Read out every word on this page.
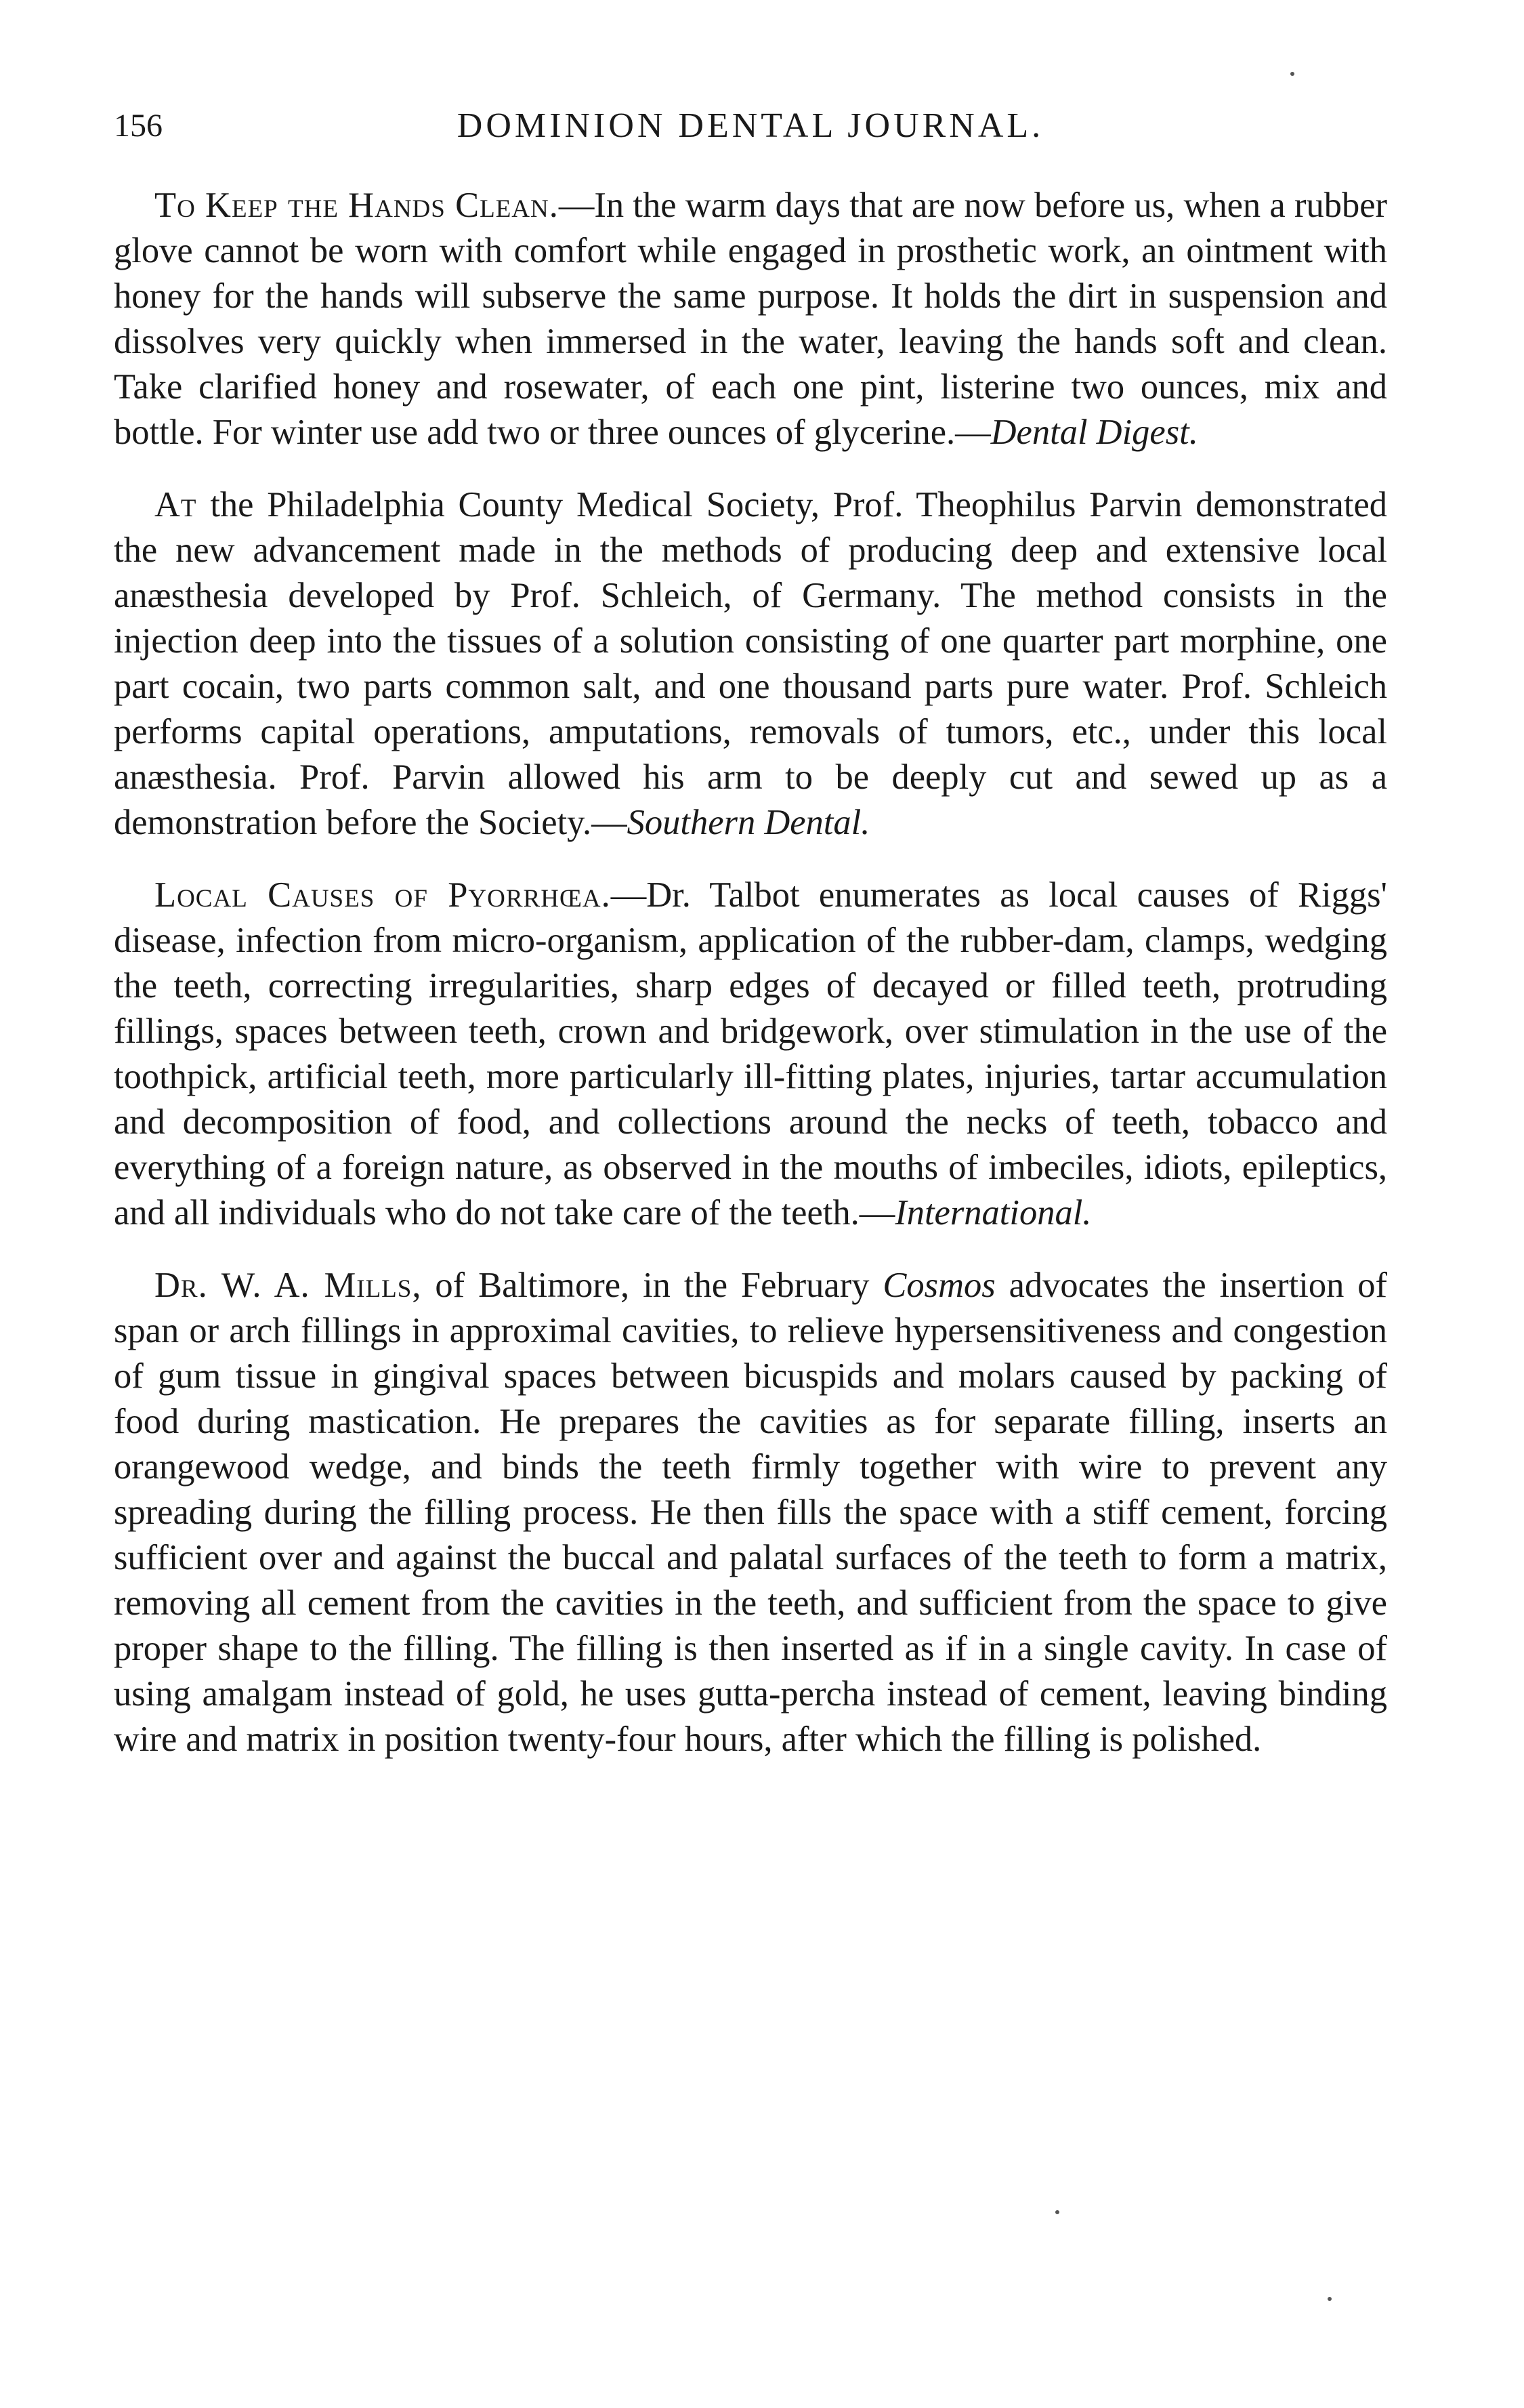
156	DOMINION DENTAL JOURNAL.

To Keep the Hands Clean.—In the warm days that are now before us, when a rubber glove cannot be worn with comfort while engaged in prosthetic work, an ointment with honey for the hands will subserve the same purpose. It holds the dirt in suspension and dissolves very quickly when immersed in the water, leaving the hands soft and clean. Take clarified honey and rosewater, of each one pint, listerine two ounces, mix and bottle. For winter use add two or three ounces of glycerine.—Dental Digest.

At the Philadelphia County Medical Society, Prof. Theophilus Parvin demonstrated the new advancement made in the methods of producing deep and extensive local anæsthesia developed by Prof. Schleich, of Germany. The method consists in the injection deep into the tissues of a solution consisting of one quarter part morphine, one part cocain, two parts common salt, and one thousand parts pure water. Prof. Schleich performs capital operations, amputations, removals of tumors, etc., under this local anæsthesia. Prof. Parvin allowed his arm to be deeply cut and sewed up as a demonstration before the Society.—Southern Dental.

Local Causes of Pyorrhœa.—Dr. Talbot enumerates as local causes of Riggs' disease, infection from micro-organism, application of the rubber-dam, clamps, wedging the teeth, correcting irregularities, sharp edges of decayed or filled teeth, protruding fillings, spaces between teeth, crown and bridgework, over stimulation in the use of the toothpick, artificial teeth, more particularly ill-fitting plates, injuries, tartar accumulation and decomposition of food, and collections around the necks of teeth, tobacco and everything of a foreign nature, as observed in the mouths of imbeciles, idiots, epileptics, and all individuals who do not take care of the teeth.—International.

Dr. W. A. Mills, of Baltimore, in the February Cosmos advocates the insertion of span or arch fillings in approximal cavities, to relieve hypersensitiveness and congestion of gum tissue in gingival spaces between bicuspids and molars caused by packing of food during mastication. He prepares the cavities as for separate filling, inserts an orangewood wedge, and binds the teeth firmly together with wire to prevent any spreading during the filling process. He then fills the space with a stiff cement, forcing sufficient over and against the buccal and palatal surfaces of the teeth to form a matrix, removing all cement from the cavities in the teeth, and sufficient from the space to give proper shape to the filling. The filling is then inserted as if in a single cavity. In case of using amalgam instead of gold, he uses gutta-percha instead of cement, leaving binding wire and matrix in position twenty-four hours, after which the filling is polished.
